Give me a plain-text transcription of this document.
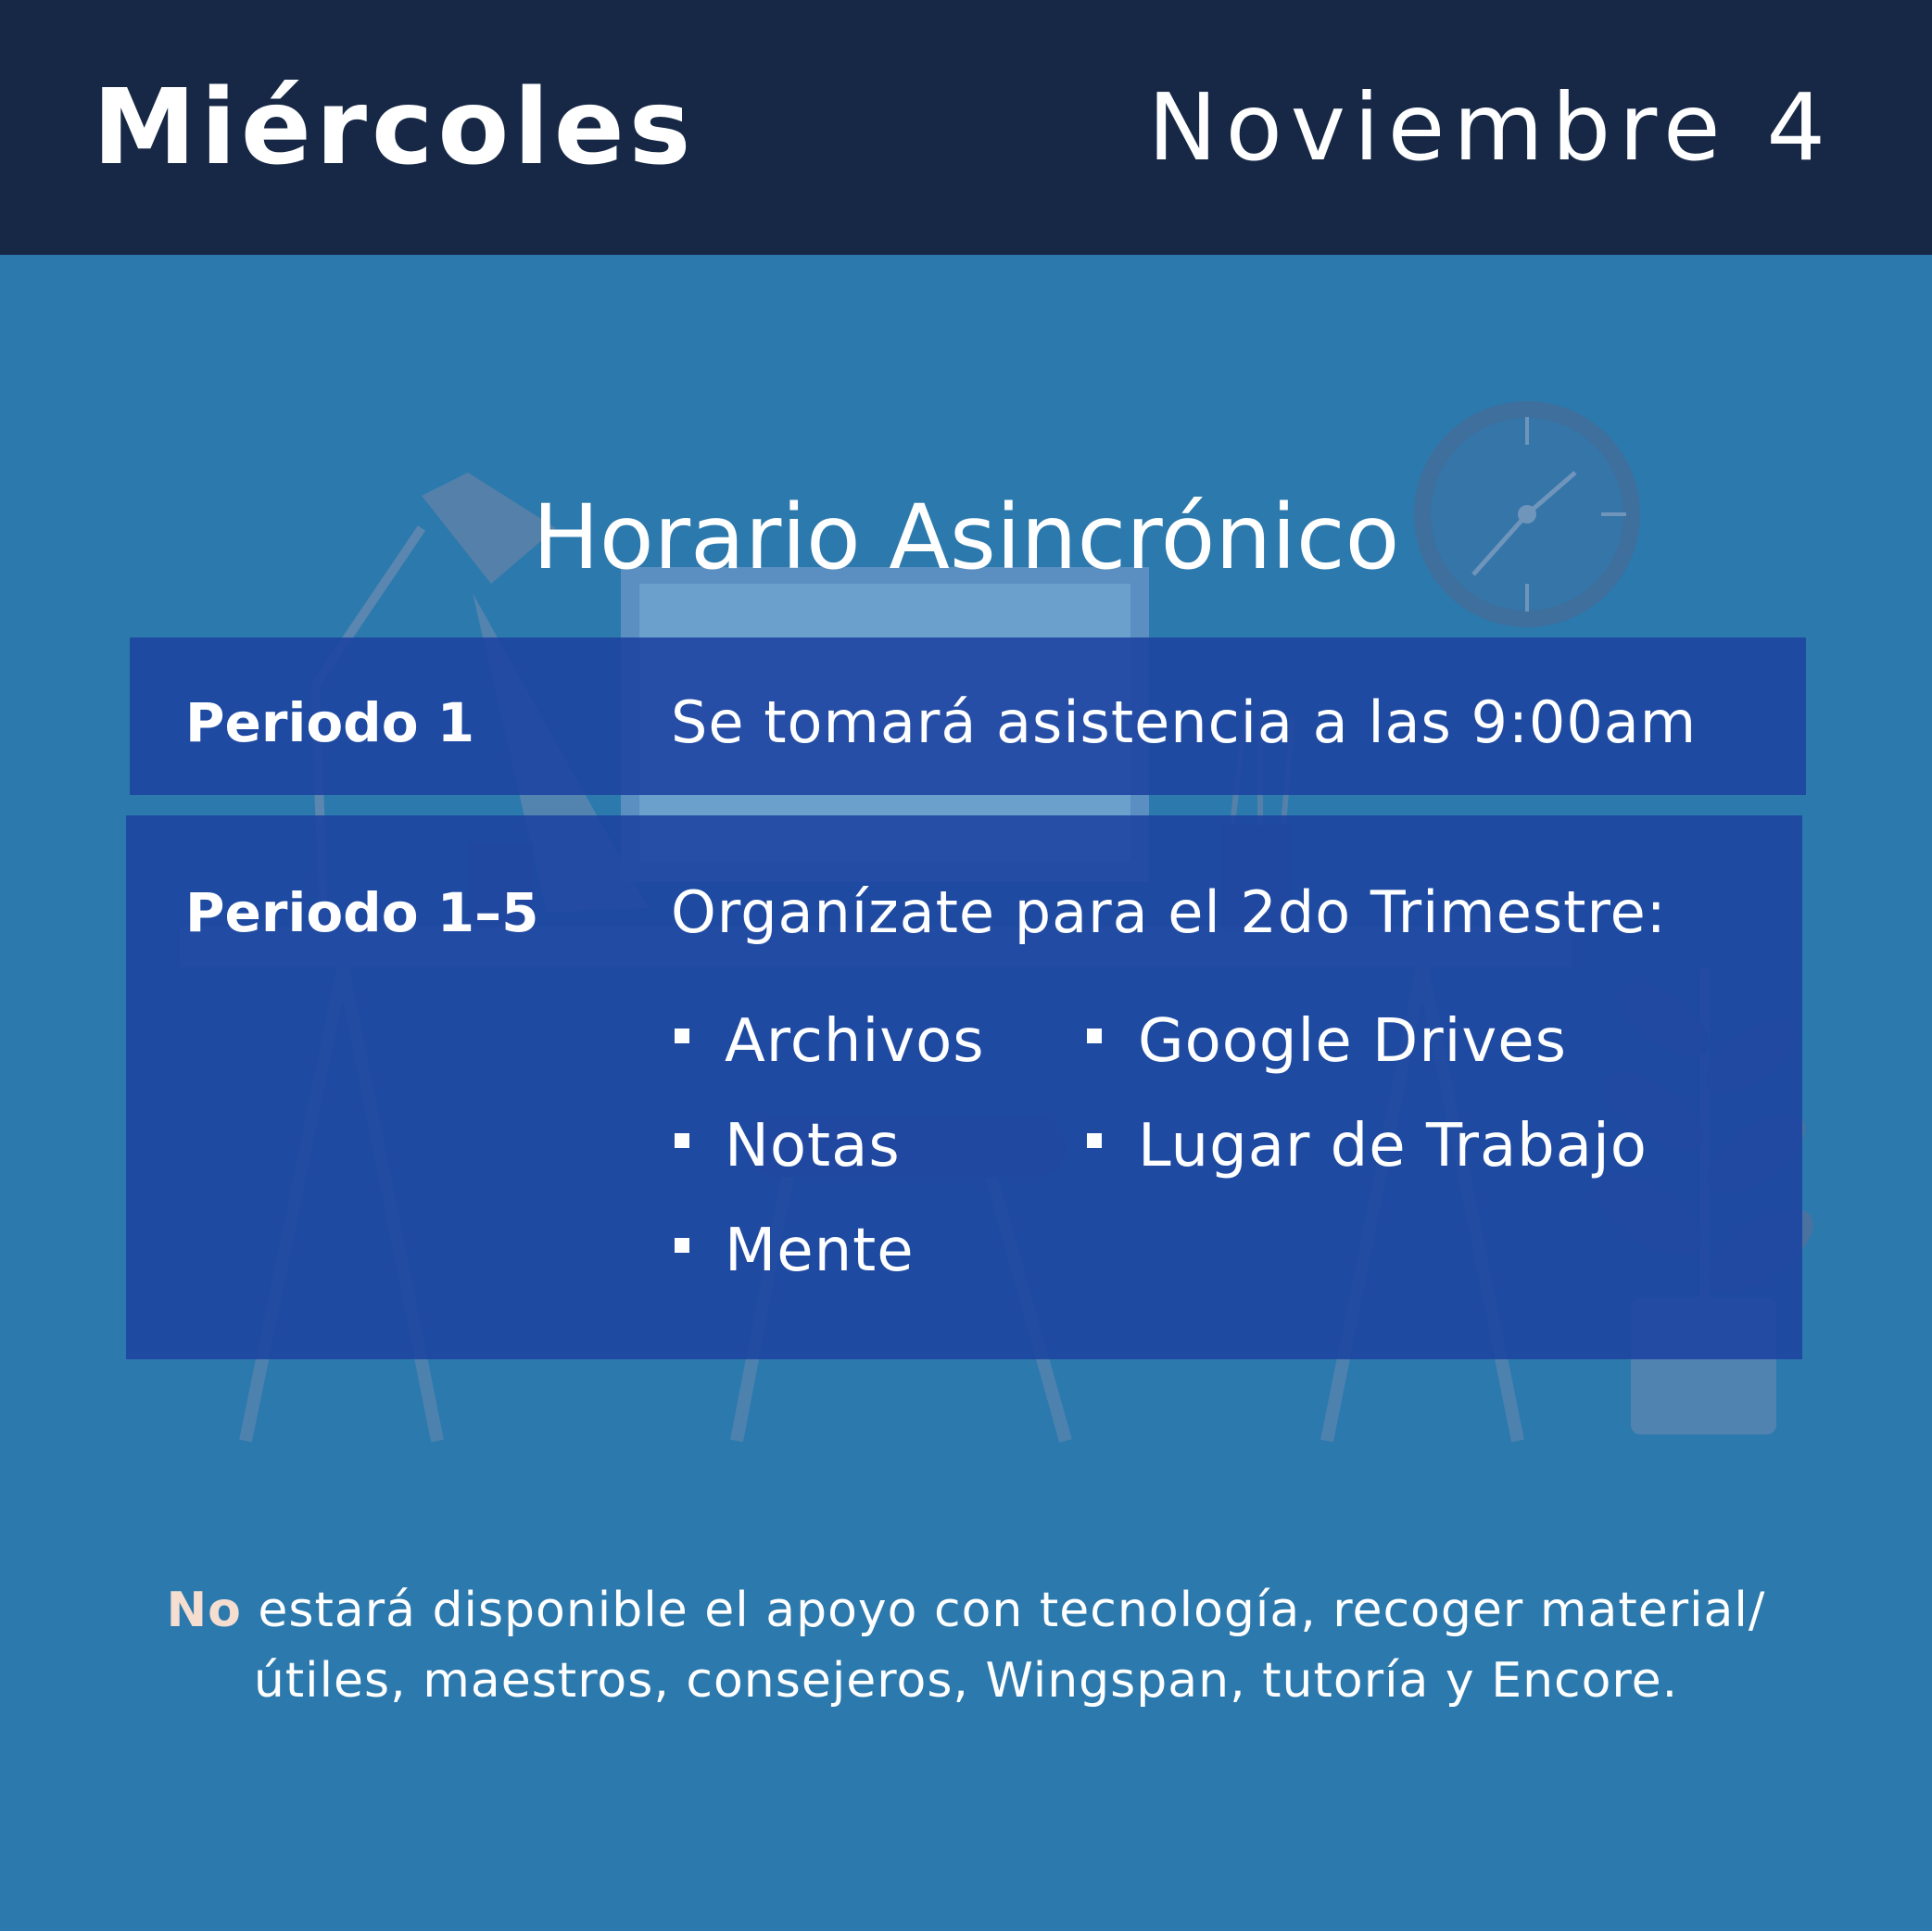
Miércoles	Noviembre 4
Horario Asincrónico
Periodo 1	Se tomará asistencia a las 9:00am
Periodo 1–5 Organízate para el 2do Trimestre:
Archivos	Google Drives
Notas	Lugar de Trabajo
Mente
No estará disponible el apoyo con tecnología, recoger material/útiles, maestros, consejeros, Wingspan, tutoría y Encore.
